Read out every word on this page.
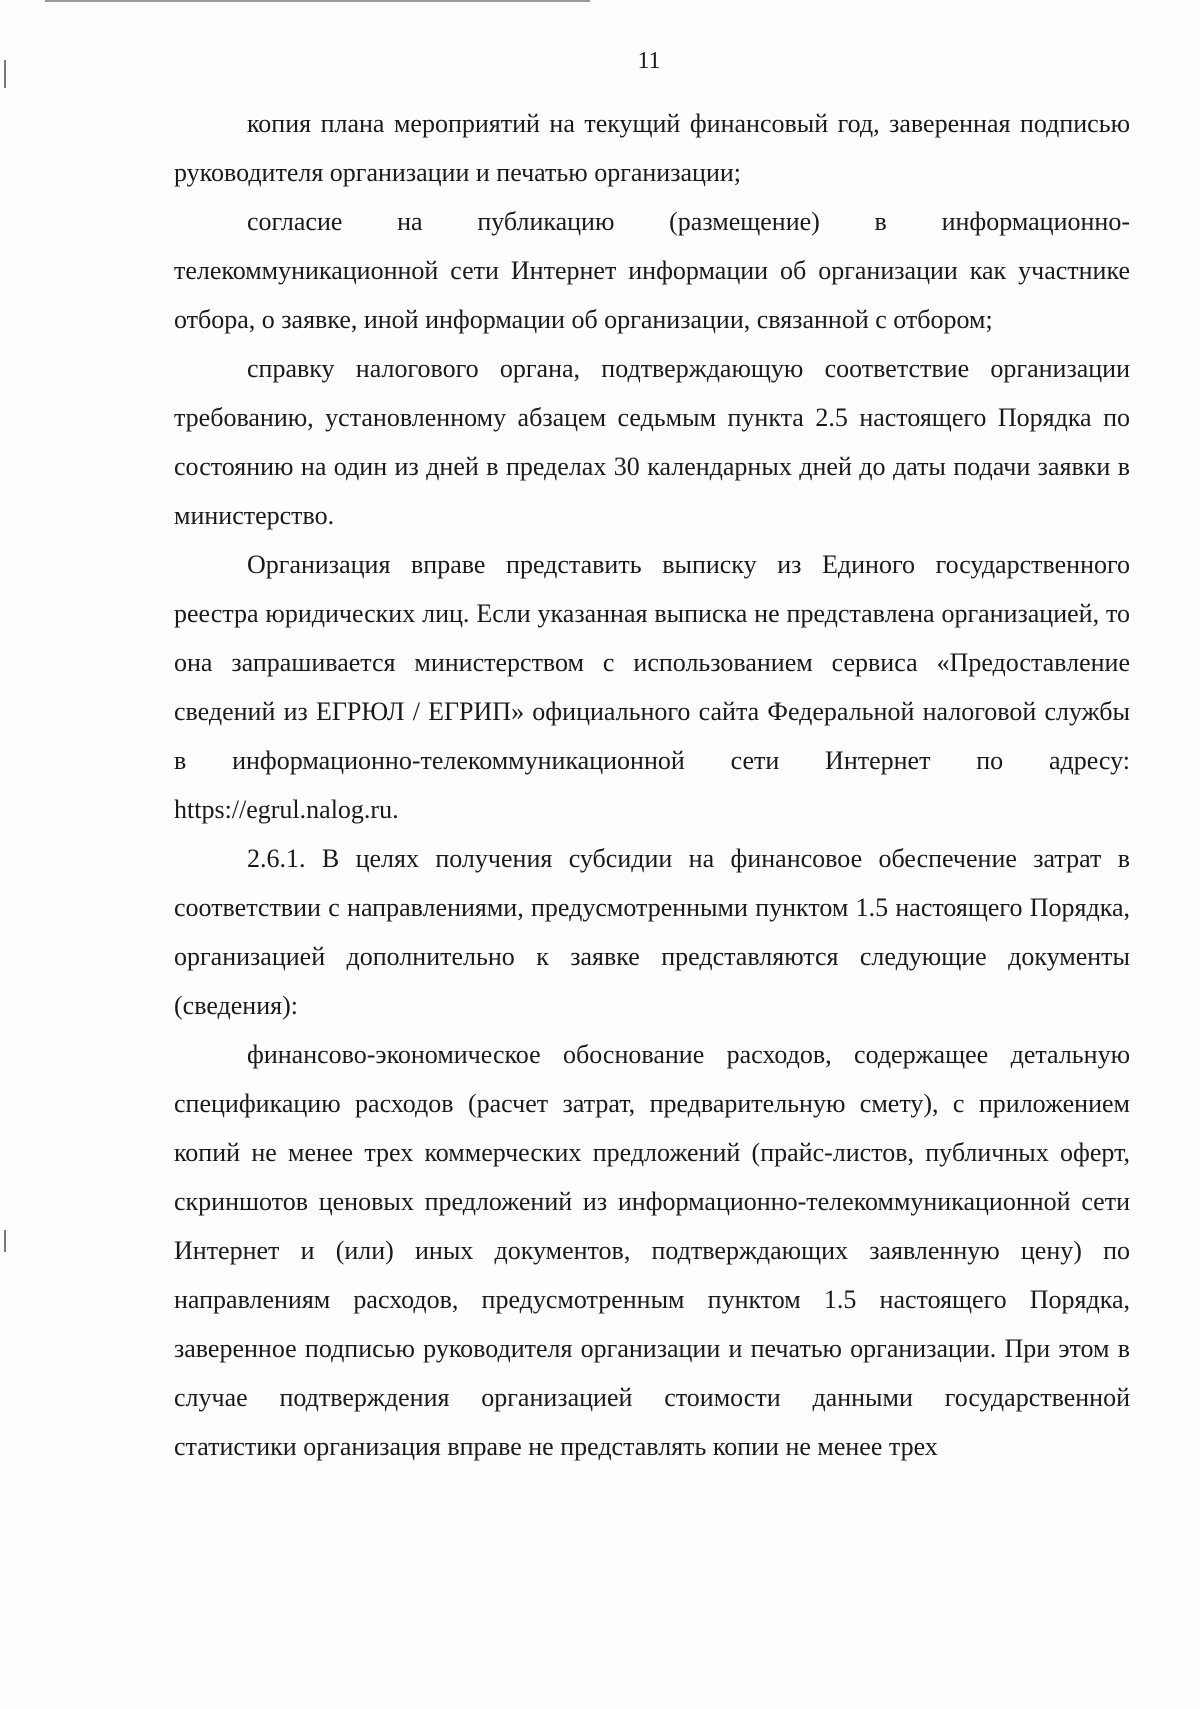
11

копия плана мероприятий на текущий финансовый год, заверенная подписью руководителя организации и печатью организации;

согласие на публикацию (размещение) в информационно-телекоммуникационной сети Интернет информации об организации как участнике отбора, о заявке, иной информации об организации, связанной с отбором;

справку налогового органа, подтверждающую соответствие организации требованию, установленному абзацем седьмым пункта 2.5 настоящего Порядка по состоянию на один из дней в пределах 30 календарных дней до даты подачи заявки в министерство.

Организация вправе представить выписку из Единого государственного реестра юридических лиц. Если указанная выписка не представлена организацией, то она запрашивается министерством с использованием сервиса «Предоставление сведений из ЕГРЮЛ / ЕГРИП» официального сайта Федеральной налоговой службы в информационно-телекоммуникационной сети Интернет по адресу: https://egrul.nalog.ru.

2.6.1. В целях получения субсидии на финансовое обеспечение затрат в соответствии с направлениями, предусмотренными пунктом 1.5 настоящего Порядка, организацией дополнительно к заявке представляются следующие документы (сведения):

финансово-экономическое обоснование расходов, содержащее детальную спецификацию расходов (расчет затрат, предварительную смету), с приложением копий не менее трех коммерческих предложений (прайс-листов, публичных оферт, скриншотов ценовых предложений из информационно-телекоммуникационной сети Интернет и (или) иных документов, подтверждающих заявленную цену) по направлениям расходов, предусмотренным пунктом 1.5 настоящего Порядка, заверенное подписью руководителя организации и печатью организации. При этом в случае подтверждения организацией стоимости данными государственной статистики организация вправе не представлять копии не менее трех
